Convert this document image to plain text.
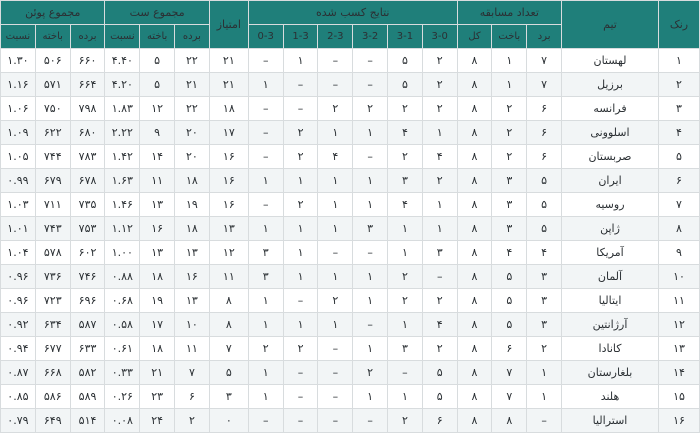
رنک	تیم	تعداد مسابقه			نتایج کسب شده						امتیاز	مجموع ست			مجموع پوئن		
		برد	باخت	کل	3-0	3-1	3-2	2-3	1-3	0-3		برده	باخته	نسبت	برده	باخته	نسبت
۱	لهستان	۷	۱	۸	۲	۵	–	–	۱	–	۲۱	۲۲	۵	۴.۴۰	۶۶۰	۵۰۶	۱.۳۰
۲	برزیل	۷	۱	۸	۲	۵	–	–	–	۱	۲۱	۲۱	۵	۴.۲۰	۶۶۴	۵۷۱	۱.۱۶
۳	فرانسه	۶	۲	۸	۲	۲	۲	۲	–	–	۱۸	۲۲	۱۲	۱.۸۳	۷۹۸	۷۵۰	۱.۰۶
۴	اسلوونی	۶	۲	۸	۱	۴	۱	۱	۲	–	۱۷	۲۰	۹	۲.۲۲	۶۸۰	۶۲۲	۱.۰۹
۵	صربستان	۶	۲	۸	۴	۲	–	۴	۲	–	۱۶	۲۰	۱۴	۱.۴۲	۷۸۳	۷۴۴	۱.۰۵
۶	ایران	۵	۳	۸	۲	۳	۱	۱	۱	۱	۱۶	۱۸	۱۱	۱.۶۳	۶۷۸	۶۷۹	۰.۹۹
۷	روسیه	۵	۳	۸	۱	۴	۱	۱	۲	–	۱۶	۱۹	۱۳	۱.۴۶	۷۳۵	۷۱۱	۱.۰۳
۸	ژاپن	۵	۳	۸	۱	۱	۳	۱	۱	۱	۱۳	۱۸	۱۶	۱.۱۲	۷۵۳	۷۴۳	۱.۰۱
۹	آمریکا	۴	۴	۸	۳	۱	–	–	۱	۳	۱۲	۱۳	۱۳	۱.۰۰	۶۰۲	۵۷۸	۱.۰۴
۱۰	آلمان	۳	۵	۸	–	۲	۱	۱	۱	۳	۱۱	۱۶	۱۸	۰.۸۸	۷۴۶	۷۳۶	۰.۹۶
۱۱	ایتالیا	۳	۵	۸	۲	۲	۱	۲	–	۱	۸	۱۳	۱۹	۰.۶۸	۶۹۶	۷۲۳	۰.۹۶
۱۲	آرژانتین	۳	۵	۸	۴	۱	–	۱	۱	۱	۸	۱۰	۱۷	۰.۵۸	۵۸۷	۶۳۴	۰.۹۲
۱۳	کانادا	۲	۶	۸	۲	۳	۱	–	۲	۲	۷	۱۱	۱۸	۰.۶۱	۶۳۳	۶۷۷	۰.۹۴
۱۴	بلغارستان	۱	۷	۸	۵	–	۲	–	–	۱	۵	۷	۲۱	۰.۳۳	۵۸۲	۶۶۸	۰.۸۷
۱۵	هلند	۱	۷	۸	۵	۱	۱	–	–	۱	۳	۶	۲۳	۰.۲۶	۵۸۹	۵۸۶	۰.۸۵
۱۶	استرالیا	–	۸	۸	۶	۲	–	–	–	–	۰	۲	۲۴	۰.۰۸	۵۱۴	۶۴۹	۰.۷۹
